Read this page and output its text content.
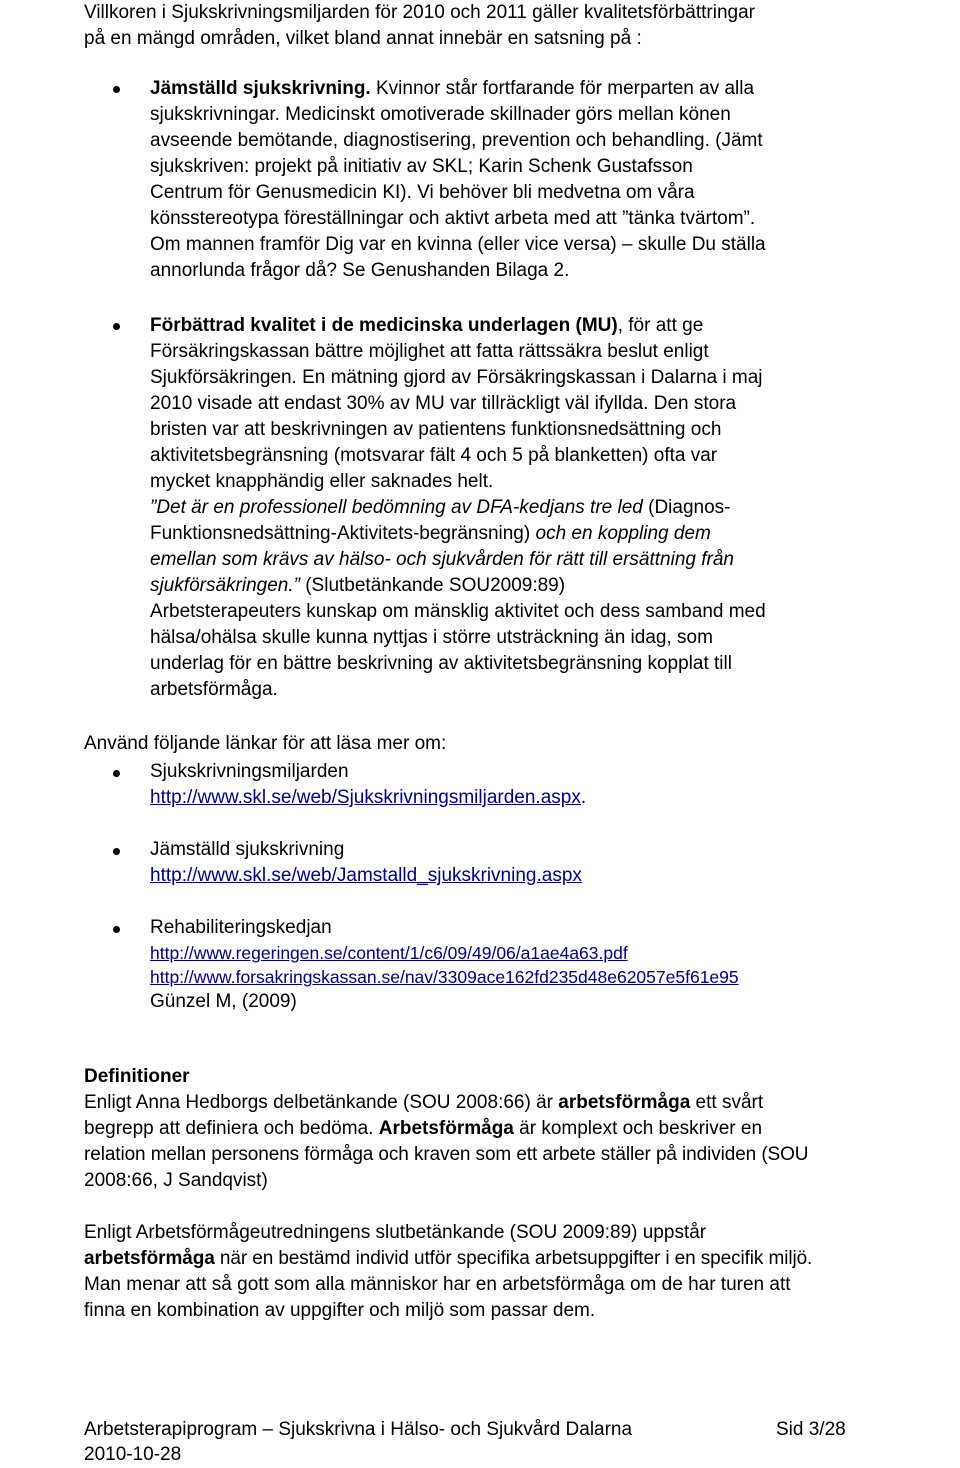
Villkoren i Sjukskrivningsmiljarden för 2010 och 2011 gäller kvalitetsförbättringar
på en mängd områden, vilket bland annat innebär en satsning på :
Jämställd sjukskrivning. Kvinnor står fortfarande för merparten av alla
sjukskrivningar. Medicinskt omotiverade skillnader görs mellan könen
avseende bemötande, diagnostisering, prevention och behandling. (Jämt
sjukskriven: projekt på initiativ av SKL; Karin Schenk Gustafsson
Centrum för Genusmedicin KI). Vi behöver bli medvetna om våra
könsstereotypa föreställningar och aktivt arbeta med att ”tänka tvärtom”.
Om mannen framför Dig var en kvinna (eller vice versa) – skulle Du ställa
annorlunda frågor då? Se Genushanden Bilaga 2.
Förbättrad kvalitet i de medicinska underlagen (MU), för att ge
Försäkringskassan bättre möjlighet att fatta rättssäkra beslut enligt
Sjukförsäkringen. En mätning gjord av Försäkringskassan i Dalarna i maj
2010 visade att endast 30% av MU var tillräckligt väl ifyllda. Den stora
bristen var att beskrivningen av patientens funktionsnedsättning och
aktivitetsbegränsning (motsvarar fält 4 och 5 på blanketten) ofta var
mycket knapphändig eller saknades helt.
”Det är en professionell bedömning av DFA-kedjans tre led (Diagnos-
Funktionsnedsättning-Aktivitets-begränsning) och en koppling dem
emellan som krävs av hälso- och sjukvården för rätt till ersättning från
sjukförsäkringen.” (Slutbetänkande SOU2009:89)
Arbetsterapeuters kunskap om mänsklig aktivitet och dess samband med
hälsa/ohälsa skulle kunna nyttjas i större utsträckning än idag, som
underlag för en bättre beskrivning av aktivitetsbegränsning kopplat till
arbetsförmåga.
Använd följande länkar för att läsa mer om:
Sjukskrivningsmiljarden
http://www.skl.se/web/Sjukskrivningsmiljarden.aspx.
Jämställd sjukskrivning
http://www.skl.se/web/Jamstalld_sjukskrivning.aspx
Rehabiliteringskedjan
http://www.regeringen.se/content/1/c6/09/49/06/a1ae4a63.pdf
http://www.forsakringskassan.se/nav/3309ace162fd235d48e62057e5f61e95
Günzel M, (2009)
Definitioner
Enligt Anna Hedborgs delbetänkande (SOU 2008:66) är arbetsförmåga ett svårt
begrepp att definiera och bedöma. Arbetsförmåga är komplext och beskriver en
relation mellan personens förmåga och kraven som ett arbete ställer på individen (SOU
2008:66, J Sandqvist)
Enligt Arbetsförmågeutredningens slutbetänkande (SOU 2009:89) uppstår
arbetsförmåga när en bestämd individ utför specifika arbetsuppgifter i en specifik miljö.
Man menar att så gott som alla människor har en arbetsförmåga om de har turen att
finna en kombination av uppgifter och miljö som passar dem.
Arbetsterapiprogram – Sjukskrivna i Hälso- och Sjukvård Dalarna	Sid 3/28
2010-10-28
